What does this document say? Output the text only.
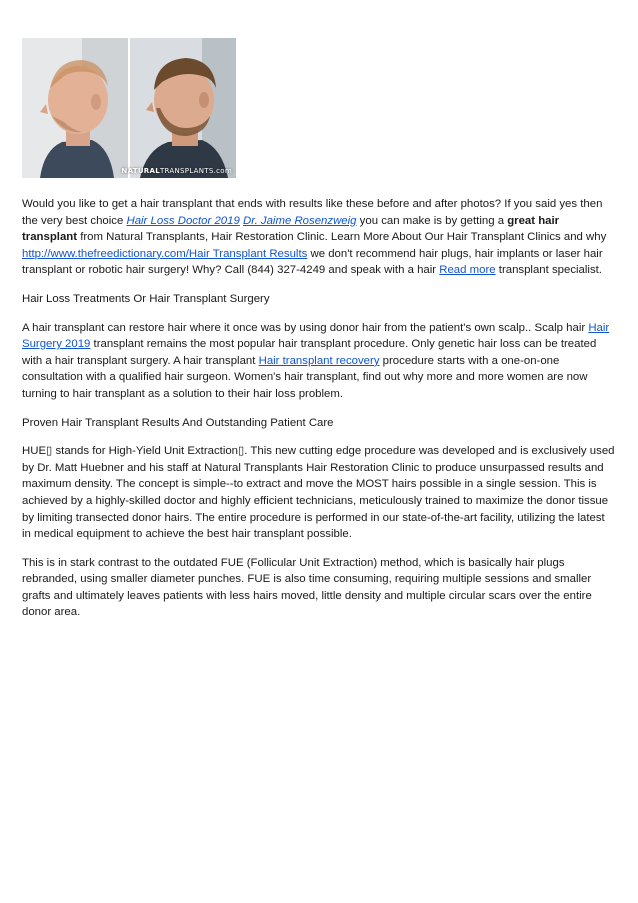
NATURALTRANSPLANTS.com

Would you like to get a hair transplant that ends with results like these before and after photos? If you said yes then the very best choice Hair Loss Doctor 2019 Dr. Jaime Rosenzweig you can make is by getting a great hair transplant from Natural Transplants, Hair Restoration Clinic. Learn More About Our Hair Transplant Clinics and why http://www.thefreedictionary.com/Hair Transplant Results we don't recommend hair plugs, hair implants or laser hair transplant or robotic hair surgery! Why? Call (844) 327-4249 and speak with a hair Read more transplant specialist.

Hair Loss Treatments Or Hair Transplant Surgery

A hair transplant can restore hair where it once was by using donor hair from the patient's own scalp.. Scalp hair Hair Surgery 2019 transplant remains the most popular hair transplant procedure. Only genetic hair loss can be treated with a hair transplant surgery. A hair transplant Hair transplant recovery procedure starts with a one-on-one consultation with a qualified hair surgeon. Women's hair transplant, find out why more and more women are now turning to hair transplant as a solution to their hair loss problem.

Proven Hair Transplant Results And Outstanding Patient Care

HUE▯ stands for High-Yield Unit Extraction▯. This new cutting edge procedure was developed and is exclusively used by Dr. Matt Huebner and his staff at Natural Transplants Hair Restoration Clinic to produce unsurpassed results and maximum density. The concept is simple--to extract and move the MOST hairs possible in a single session. This is achieved by a highly-skilled doctor and highly efficient technicians, meticulously trained to maximize the donor tissue by limiting transected donor hairs. The entire procedure is performed in our state-of-the-art facility, utilizing the latest in medical equipment to achieve the best hair transplant possible.

This is in stark contrast to the outdated FUE (Follicular Unit Extraction) method, which is basically hair plugs rebranded, using smaller diameter punches. FUE is also time consuming, requiring multiple sessions and smaller grafts and ultimately leaves patients with less hairs moved, little density and multiple circular scars over the entire donor area.
